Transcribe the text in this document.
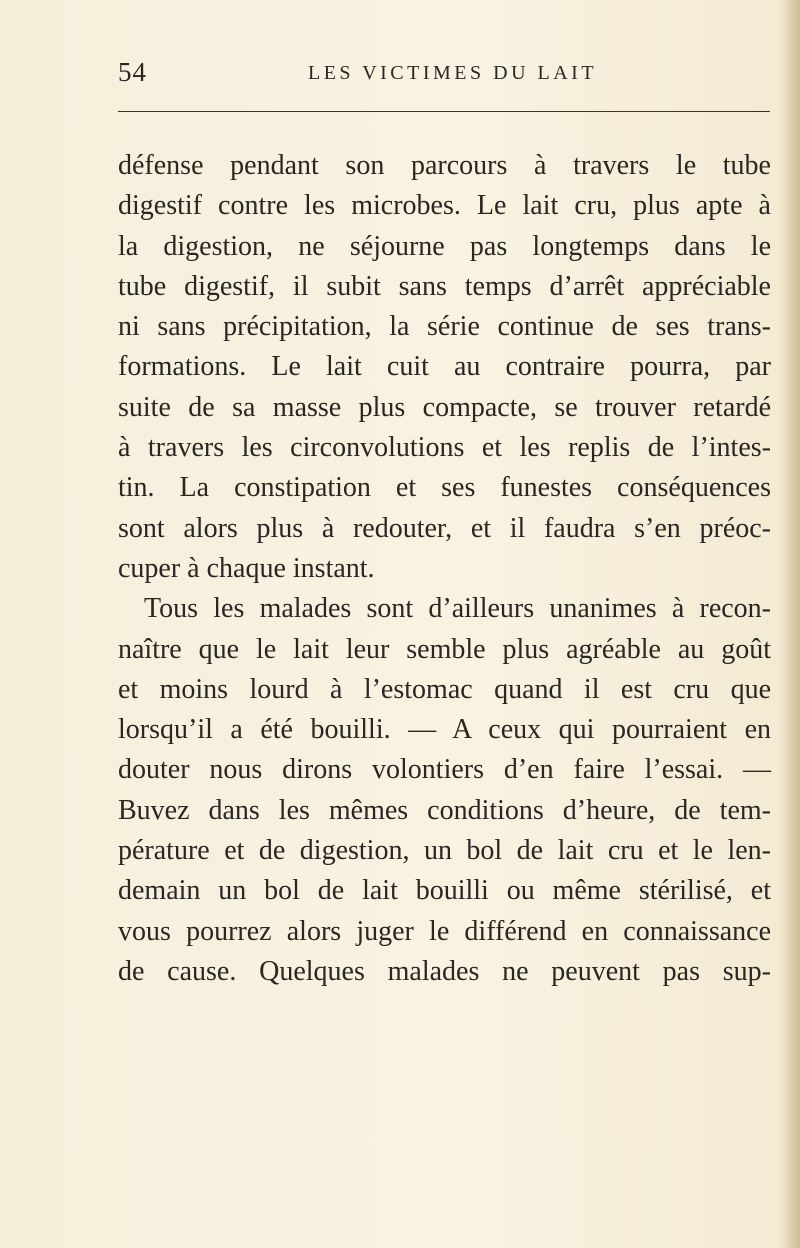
54	LES VICTIMES DU LAIT
défense pendant son parcours à travers le tube
digestif contre les microbes. Le lait cru, plus apte à
la digestion, ne séjourne pas longtemps dans le
tube digestif, il subit sans temps d’arrêt appréciable
ni sans précipitation, la série continue de ses trans-
formations. Le lait cuit au contraire pourra, par
suite de sa masse plus compacte, se trouver retardé
à travers les circonvolutions et les replis de l’intes-
tin. La constipation et ses funestes conséquences
sont alors plus à redouter, et il faudra s’en préoc-
cuper à chaque instant.
Tous les malades sont d’ailleurs unanimes à recon-
naître que le lait leur semble plus agréable au goût
et moins lourd à l’estomac quand il est cru que
lorsqu’il a été bouilli. — A ceux qui pourraient en
douter nous dirons volontiers d’en faire l’essai. —
Buvez dans les mêmes conditions d’heure, de tem-
pérature et de digestion, un bol de lait cru et le len-
demain un bol de lait bouilli ou même stérilisé, et
vous pourrez alors juger le différend en connaissance
de cause. Quelques malades ne peuvent pas sup-
